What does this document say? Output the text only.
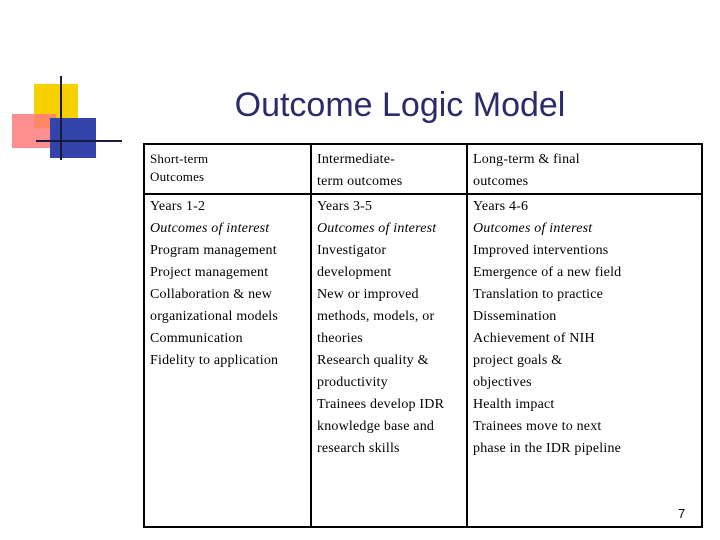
Outcome Logic Model
Short-term
Outcomes
Years 1-2
Outcomes of interest
Program management
Project management
Collaboration & new
organizational models
Communication
Fidelity to application
Intermediate-
term outcomes
Years 3-5
Outcomes of interest
Investigator
development
New or improved
methods, models, or
theories
Research quality &
productivity
Trainees develop IDR
knowledge base and
research skills
Long-term & final
outcomes
Years 4-6
Outcomes of interest
Improved interventions
Emergence of a new field
Translation to practice
Dissemination
Achievement of NIH
project goals &
objectives
Health impact
Trainees move to next
phase in the IDR pipeline
7
